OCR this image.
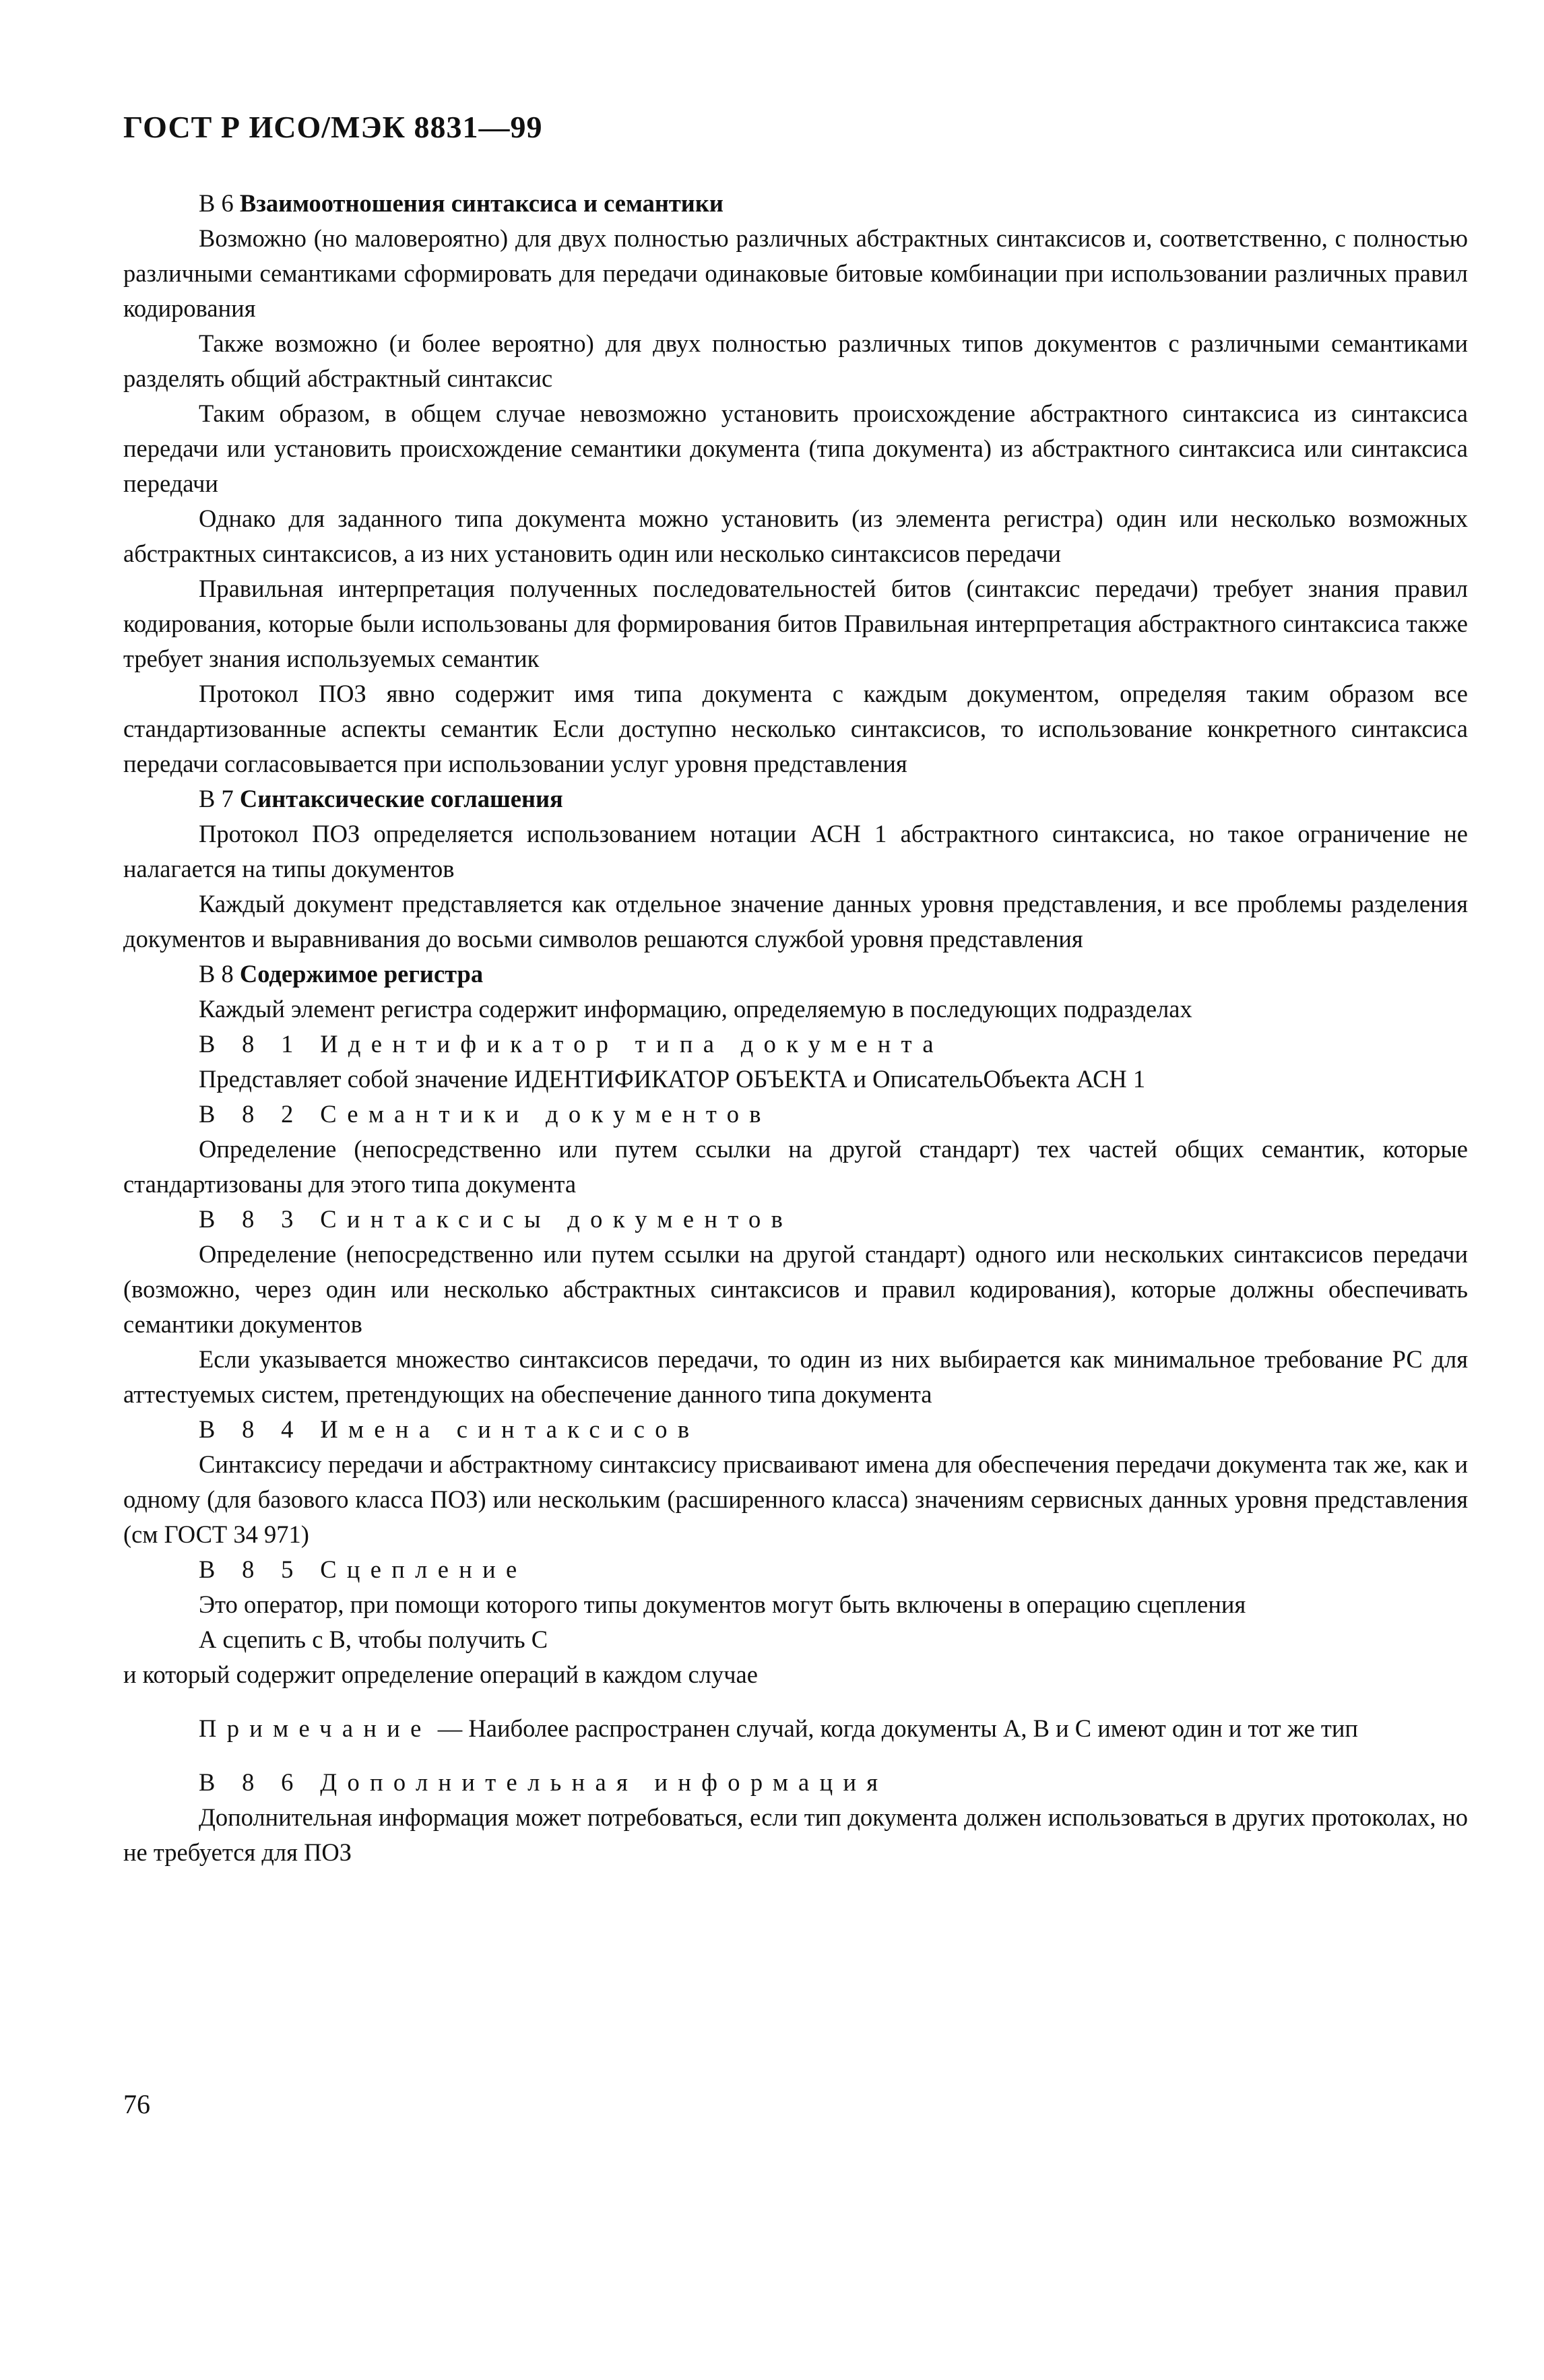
ГОСТ Р ИСО/МЭК 8831—99

В 6 Взаимоотношения синтаксиса и семантики

Возможно (но маловероятно) для двух полностью различных абстрактных синтаксисов и, соответственно, с полностью различными семантиками сформировать для передачи одинаковые битовые комбинации при использовании различных правил кодирования

Также возможно (и более вероятно) для двух полностью различных типов документов с различными семантиками разделять общий абстрактный синтаксис

Таким образом, в общем случае невозможно установить происхождение абстрактного синтаксиса из синтаксиса передачи или установить происхождение семантики документа (типа документа) из абстрактного синтаксиса или синтаксиса передачи

Однако для заданного типа документа можно установить (из элемента регистра) один или несколько возможных абстрактных синтаксисов, а из них установить один или несколько синтаксисов передачи

Правильная интерпретация полученных последовательностей битов (синтаксис передачи) требует знания правил кодирования, которые были использованы для формирования битов Правильная интерпретация абстрактного синтаксиса также требует знания используемых семантик

Протокол ПОЗ явно содержит имя типа документа с каждым документом, определяя таким образом все стандартизованные аспекты семантик Если доступно несколько синтаксисов, то использование конкретного синтаксиса передачи согласовывается при использовании услуг уровня представления

В 7 Синтаксические соглашения

Протокол ПОЗ определяется использованием нотации АСН 1 абстрактного синтаксиса, но такое ограничение не налагается на типы документов

Каждый документ представляется как отдельное значение данных уровня представления, и все проблемы разделения документов и выравнивания до восьми символов решаются службой уровня представления

В 8 Содержимое регистра

Каждый элемент регистра содержит информацию, определяемую в последующих подразделах

В 8 1 Идентификатор типа документа

Представляет собой значение ИДЕНТИФИКАТОР ОБЪЕКТА и ОписательОбъекта АСН 1

В 8 2 Семантики документов

Определение (непосредственно или путем ссылки на другой стандарт) тех частей общих семантик, которые стандартизованы для этого типа документа

В 8 3 Синтаксисы документов

Определение (непосредственно или путем ссылки на другой стандарт) одного или нескольких синтаксисов передачи (возможно, через один или несколько абстрактных синтаксисов и правил кодирования), которые должны обеспечивать семантики документов

Если указывается множество синтаксисов передачи, то один из них выбирается как минимальное требование РС для аттестуемых систем, претендующих на обеспечение данного типа документа

В 8 4 Имена синтаксисов

Синтаксису передачи и абстрактному синтаксису присваивают имена для обеспечения передачи документа так же, как и одному (для базового класса ПОЗ) или нескольким (расширенного класса) значениям сервисных данных уровня представления (см ГОСТ 34 971)

В 8 5 Сцепление

Это оператор, при помощи которого типы документов могут быть включены в операцию сцепления

А сцепить с В, чтобы получить С

и который содержит определение операций в каждом случае

Примечание — Наиболее распространен случай, когда документы А, В и С имеют один и тот же тип

В 8 6 Дополнительная информация

Дополнительная информация может потребоваться, если тип документа должен использоваться в других протоколах, но не требуется для ПОЗ

76
